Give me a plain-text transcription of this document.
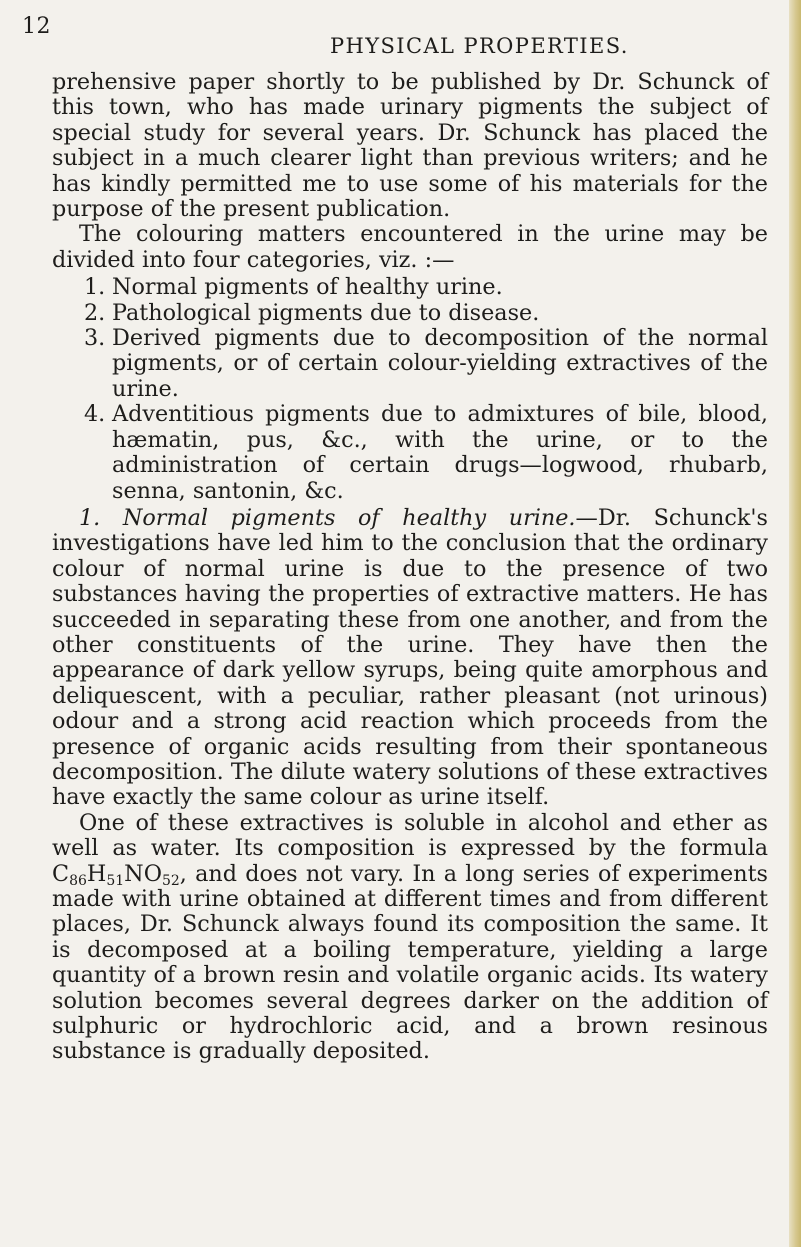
12
PHYSICAL PROPERTIES.

prehensive paper shortly to be published by Dr. Schunck of this town, who has made urinary pigments the subject of special study for several years. Dr. Schunck has placed the subject in a much clearer light than previous writers; and he has kindly permitted me to use some of his materials for the purpose of the present publication.

The colouring matters encountered in the urine may be divided into four categories, viz. :—

1. Normal pigments of healthy urine.
2. Pathological pigments due to disease.
3. Derived pigments due to decomposition of the normal pigments, or of certain colour-yielding extractives of the urine.
4. Adventitious pigments due to admixtures of bile, blood, hæmatin, pus, &c., with the urine, or to the administration of certain drugs—logwood, rhubarb, senna, santonin, &c.

1. Normal pigments of healthy urine.—Dr. Schunck's investigations have led him to the conclusion that the ordinary colour of normal urine is due to the presence of two substances having the properties of extractive matters. He has succeeded in separating these from one another, and from the other constituents of the urine. They have then the appearance of dark yellow syrups, being quite amorphous and deliquescent, with a peculiar, rather pleasant (not urinous) odour and a strong acid reaction which proceeds from the presence of organic acids resulting from their spontaneous decomposition. The dilute watery solutions of these extractives have exactly the same colour as urine itself.

One of these extractives is soluble in alcohol and ether as well as water. Its composition is expressed by the formula $C_{86}H_{51}NO_{52}$, and does not vary. In a long series of experiments made with urine obtained at different times and from different places, Dr. Schunck always found its composition the same. It is decomposed at a boiling temperature, yielding a large quantity of a brown resin and volatile organic acids. Its watery solution becomes several degrees darker on the addition of sulphuric or hydrochloric acid, and a brown resinous substance is gradually deposited.
